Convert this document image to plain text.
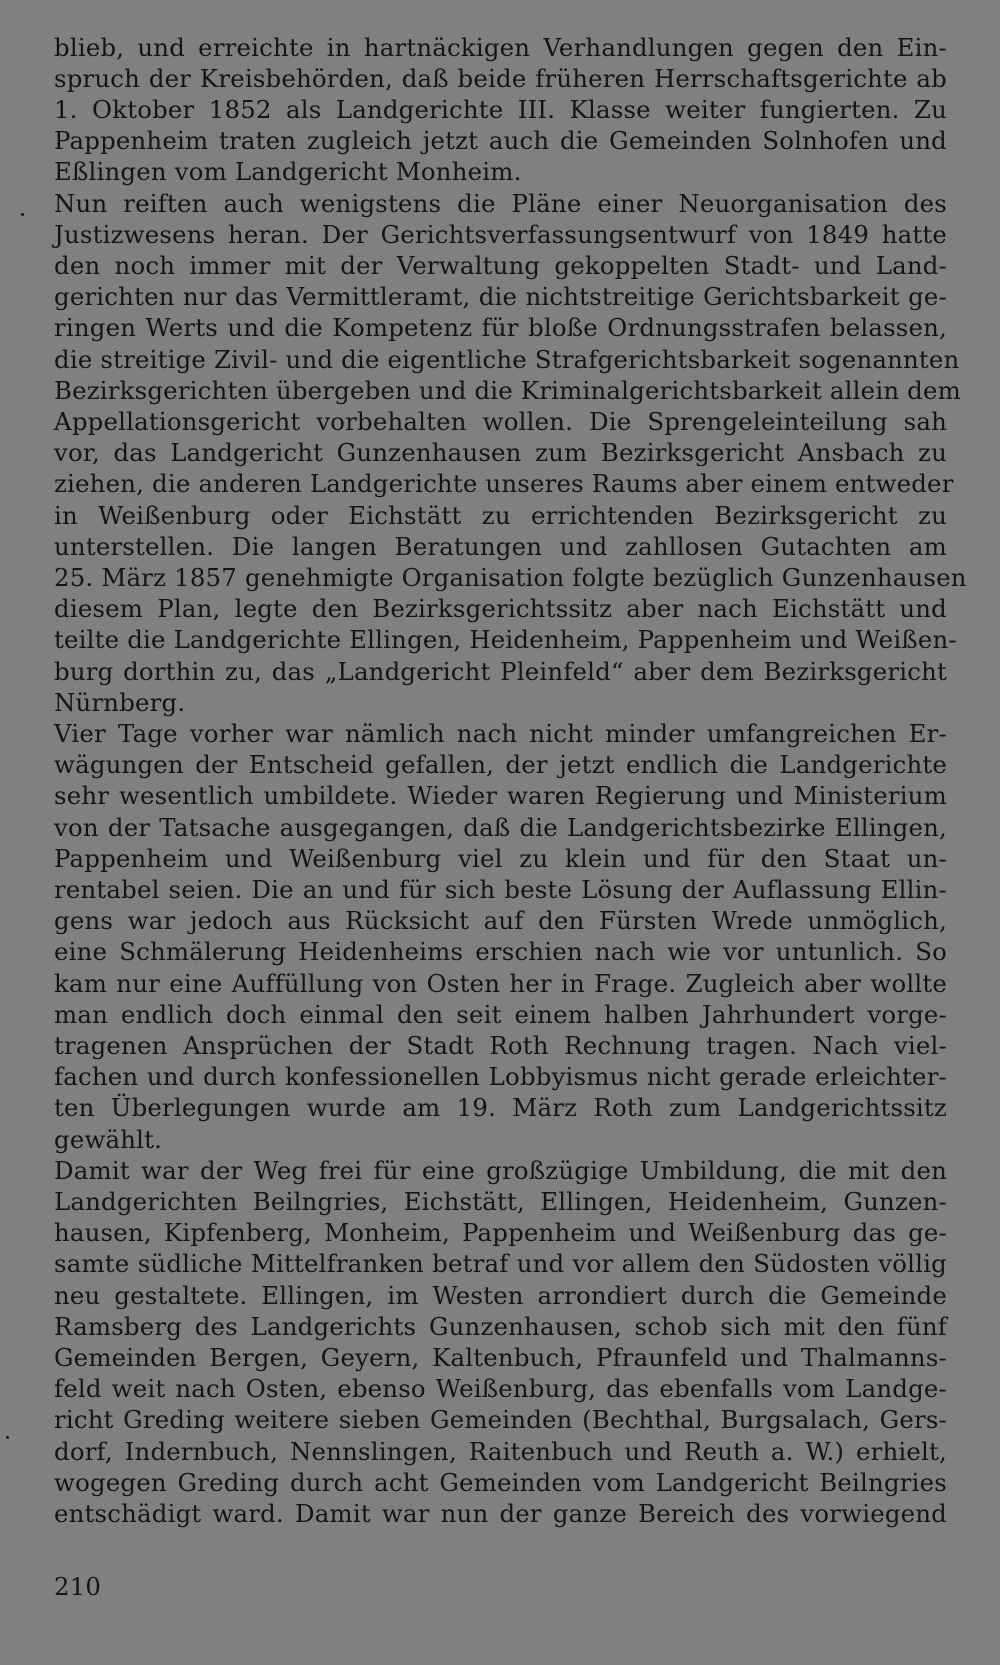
blieb, und erreichte in hartnäckigen Verhandlungen gegen den Ein-
spruch der Kreisbehörden, daß beide früheren Herrschaftsgerichte ab
1. Oktober 1852 als Landgerichte III. Klasse weiter fungierten. Zu
Pappenheim traten zugleich jetzt auch die Gemeinden Solnhofen und
Eßlingen vom Landgericht Monheim.
Nun reiften auch wenigstens die Pläne einer Neuorganisation des
Justizwesens heran. Der Gerichtsverfassungsentwurf von 1849 hatte
den noch immer mit der Verwaltung gekoppelten Stadt- und Land-
gerichten nur das Vermittleramt, die nichtstreitige Gerichtsbarkeit ge-
ringen Werts und die Kompetenz für bloße Ordnungsstrafen belassen,
die streitige Zivil- und die eigentliche Strafgerichtsbarkeit sogenannten
Bezirksgerichten übergeben und die Kriminalgerichtsbarkeit allein dem
Appellationsgericht vorbehalten wollen. Die Sprengeleinteilung sah
vor, das Landgericht Gunzenhausen zum Bezirksgericht Ansbach zu
ziehen, die anderen Landgerichte unseres Raums aber einem entweder
in Weißenburg oder Eichstätt zu errichtenden Bezirksgericht zu
unterstellen. Die langen Beratungen und zahllosen Gutachten am
25. März 1857 genehmigte Organisation folgte bezüglich Gunzenhausen
diesem Plan, legte den Bezirksgerichtssitz aber nach Eichstätt und
teilte die Landgerichte Ellingen, Heidenheim, Pappenheim und Weißen-
burg dorthin zu, das „Landgericht Pleinfeld“ aber dem Bezirksgericht
Nürnberg.
Vier Tage vorher war nämlich nach nicht minder umfangreichen Er-
wägungen der Entscheid gefallen, der jetzt endlich die Landgerichte
sehr wesentlich umbildete. Wieder waren Regierung und Ministerium
von der Tatsache ausgegangen, daß die Landgerichtsbezirke Ellingen,
Pappenheim und Weißenburg viel zu klein und für den Staat un-
rentabel seien. Die an und für sich beste Lösung der Auflassung Ellin-
gens war jedoch aus Rücksicht auf den Fürsten Wrede unmöglich,
eine Schmälerung Heidenheims erschien nach wie vor untunlich. So
kam nur eine Auffüllung von Osten her in Frage. Zugleich aber wollte
man endlich doch einmal den seit einem halben Jahrhundert vorge-
tragenen Ansprüchen der Stadt Roth Rechnung tragen. Nach viel-
fachen und durch konfessionellen Lobbyismus nicht gerade erleichter-
ten Überlegungen wurde am 19. März Roth zum Landgerichtssitz
gewählt.
Damit war der Weg frei für eine großzügige Umbildung, die mit den
Landgerichten Beilngries, Eichstätt, Ellingen, Heidenheim, Gunzen-
hausen, Kipfenberg, Monheim, Pappenheim und Weißenburg das ge-
samte südliche Mittelfranken betraf und vor allem den Südosten völlig
neu gestaltete. Ellingen, im Westen arrondiert durch die Gemeinde
Ramsberg des Landgerichts Gunzenhausen, schob sich mit den fünf
Gemeinden Bergen, Geyern, Kaltenbuch, Pfraunfeld und Thalmanns-
feld weit nach Osten, ebenso Weißenburg, das ebenfalls vom Landge-
richt Greding weitere sieben Gemeinden (Bechthal, Burgsalach, Gers-
dorf, Indernbuch, Nennslingen, Raitenbuch und Reuth a. W.) erhielt,
wogegen Greding durch acht Gemeinden vom Landgericht Beilngries
entschädigt ward. Damit war nun der ganze Bereich des vorwiegend
210
